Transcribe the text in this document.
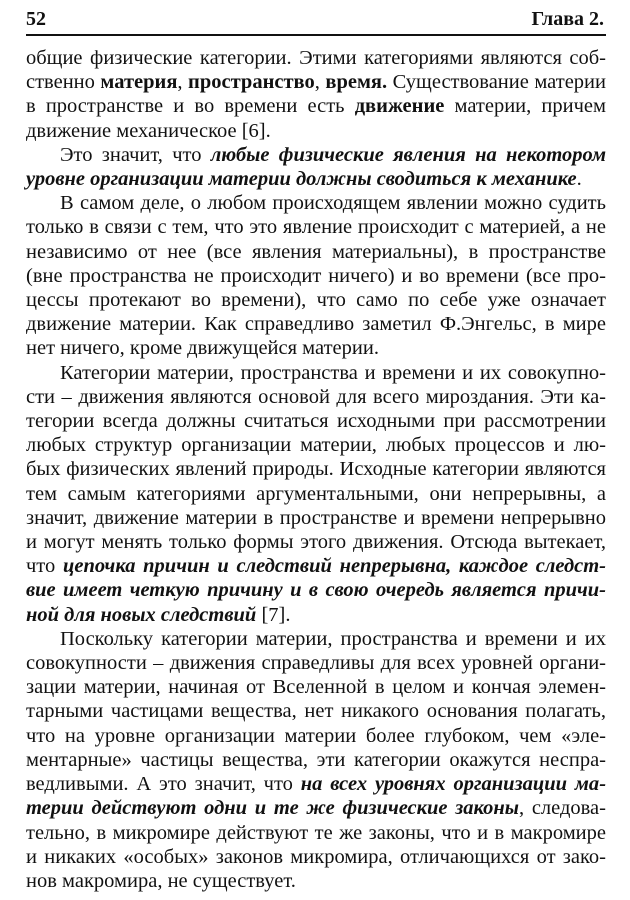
52	Глава 2.

общие физические категории. Этими категориями являются собственно материя, пространство, время. Существование материи в пространстве и во времени есть движение материи, причем движение механическое [6].

Это значит, что любые физические явления на некотором уровне организации материи должны сводиться к механике.

В самом деле, о любом происходящем явлении можно судить только в связи с тем, что это явление происходит с материей, а не независимо от нее (все явления материальны), в пространстве (вне пространства не происходит ничего) и во времени (все процессы протекают во времени), что само по себе уже означает движение материи. Как справедливо заметил Ф.Энгельс, в мире нет ничего, кроме движущейся материи.

Категории материи, пространства и времени и их совокупности – движения являются основой для всего мироздания. Эти категории всегда должны считаться исходными при рассмотрении любых структур организации материи, любых процессов и любых физических явлений природы. Исходные категории являются тем самым категориями аргументальными, они непрерывны, а значит, движение материи в пространстве и времени непрерывно и могут менять только формы этого движения. Отсюда вытекает, что цепочка причин и следствий непрерывна, каждое следствие имеет четкую причину и в свою очередь является причиной для новых следствий [7].

Поскольку категории материи, пространства и времени и их совокупности – движения справедливы для всех уровней организации материи, начиная от Вселенной в целом и кончая элементарными частицами вещества, нет никакого основания полагать, что на уровне организации материи более глубоком, чем «элементарные» частицы вещества, эти категории окажутся несправедливыми. А это значит, что на всех уровнях организации материи действуют одни и те же физические законы, следовательно, в микромире действуют те же законы, что и в макромире и никаких «особых» законов микромира, отличающихся от законов макромира, не существует.
